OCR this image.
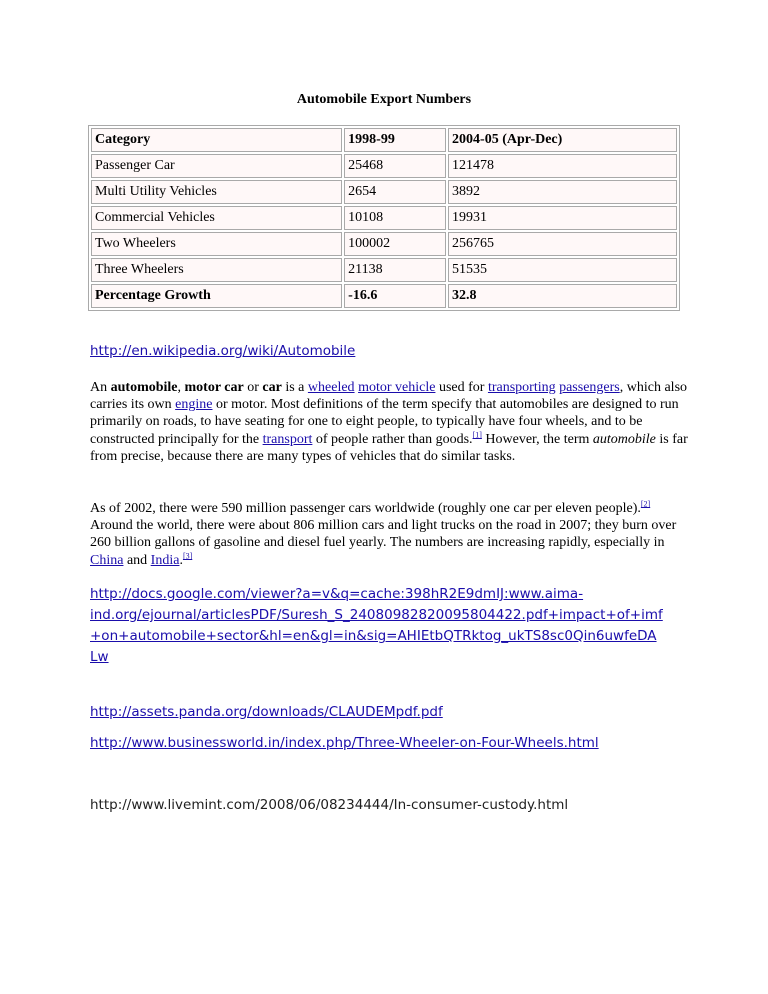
Automobile Export Numbers
Category	1998-99	2004-05 (Apr-Dec)
Passenger Car	25468	121478
Multi Utility Vehicles	2654	3892
Commercial Vehicles	10108	19931
Two Wheelers	100002	256765
Three Wheelers	21138	51535
Percentage Growth	-16.6	32.8
http://en.wikipedia.org/wiki/Automobile
An automobile, motor car or car is a wheeled motor vehicle used for transporting passengers, which also carries its own engine or motor. Most definitions of the term specify that automobiles are designed to run primarily on roads, to have seating for one to eight people, to typically have four wheels, and to be constructed principally for the transport of people rather than goods.[1] However, the term automobile is far from precise, because there are many types of vehicles that do similar tasks.
As of 2002, there were 590 million passenger cars worldwide (roughly one car per eleven people).[2] Around the world, there were about 806 million cars and light trucks on the road in 2007; they burn over 260 billion gallons of gasoline and diesel fuel yearly. The numbers are increasing rapidly, especially in China and India.[3]
http://docs.google.com/viewer?a=v&q=cache:398hR2E9dmIJ:www.aima-
ind.org/ejournal/articlesPDF/Suresh_S_2408098282009580442​2.pdf+impact+of+imf
+on+automobile+sector&hl=en&gl=in&sig=AHIEtbQTRktog_ukTS8sc0Qin6uwfeDA
Lw
http://assets.panda.org/downloads/CLAUDEMpdf.pdf
http://www.businessworld.in/index.php/Three-Wheeler-on-Four-Wheels.html
http://www.livemint.com/2008/06/08234444/In-consumer-custody.html
